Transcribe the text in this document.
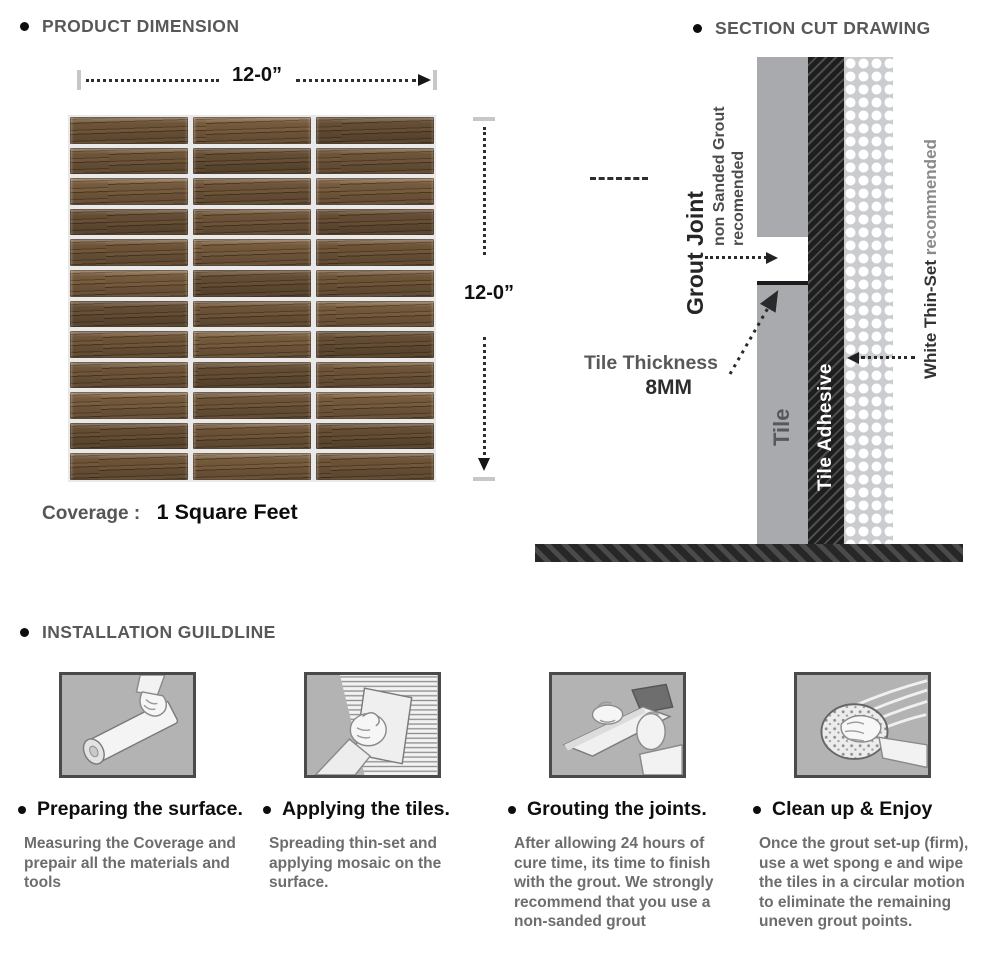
PRODUCT DIMENSION
12-0”
12-0”
Coverage : 1 Square Feet
SECTION CUT DRAWING
Grout Joint
non Sanded Grout recomended
Tile Tile Adhesive
White Thin-Set recommended
Tile Thickness
8MM
INSTALLATION GUILDLINE
Preparing the surface.
Measuring the Coverage and prepair all the materials and tools
Applying the tiles.
Spreading thin-set and applying mosaic on the surface.
Grouting the joints.
After allowing 24 hours of cure time, its time to finish with the grout. We strongly recommend that you use a non-sanded grout
Clean up & Enjoy
Once the grout set-up (firm), use a wet spong e and wipe the tiles in a circular motion to eliminate the remaining uneven grout points.
